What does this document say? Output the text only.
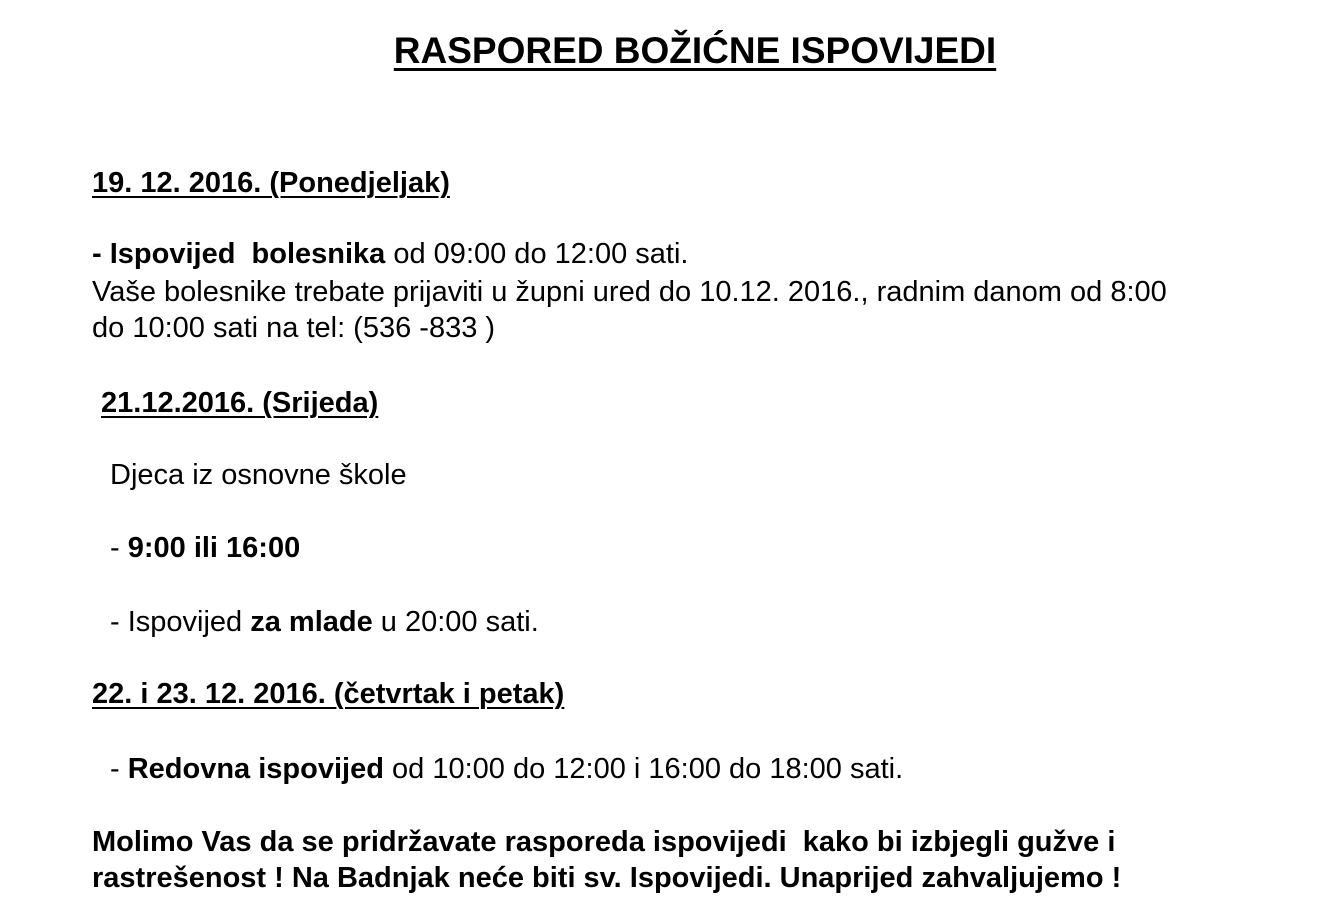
RASPORED BOŽIĆNE ISPOVIJEDI
19. 12. 2016. (Ponedjeljak)
- Ispovijed  bolesnika od 09:00 do 12:00 sati.
Vaše bolesnike trebate prijaviti u župni ured do 10.12. 2016., radnim danom od 8:00
do 10:00 sati na tel: (536 -833 )
21.12.2016. (Srijeda)
Djeca iz osnovne škole
- 9:00 ili 16:00
- Ispovijed za mlade u 20:00 sati.
22. i 23. 12. 2016. (četvrtak i petak)
- Redovna ispovijed od 10:00 do 12:00 i 16:00 do 18:00 sati.
Molimo Vas da se pridržavate rasporeda ispovijedi  kako bi izbjegli gužve i
rastrešenost ! Na Badnjak neće biti sv. Ispovijedi. Unaprijed zahvaljujemo !
